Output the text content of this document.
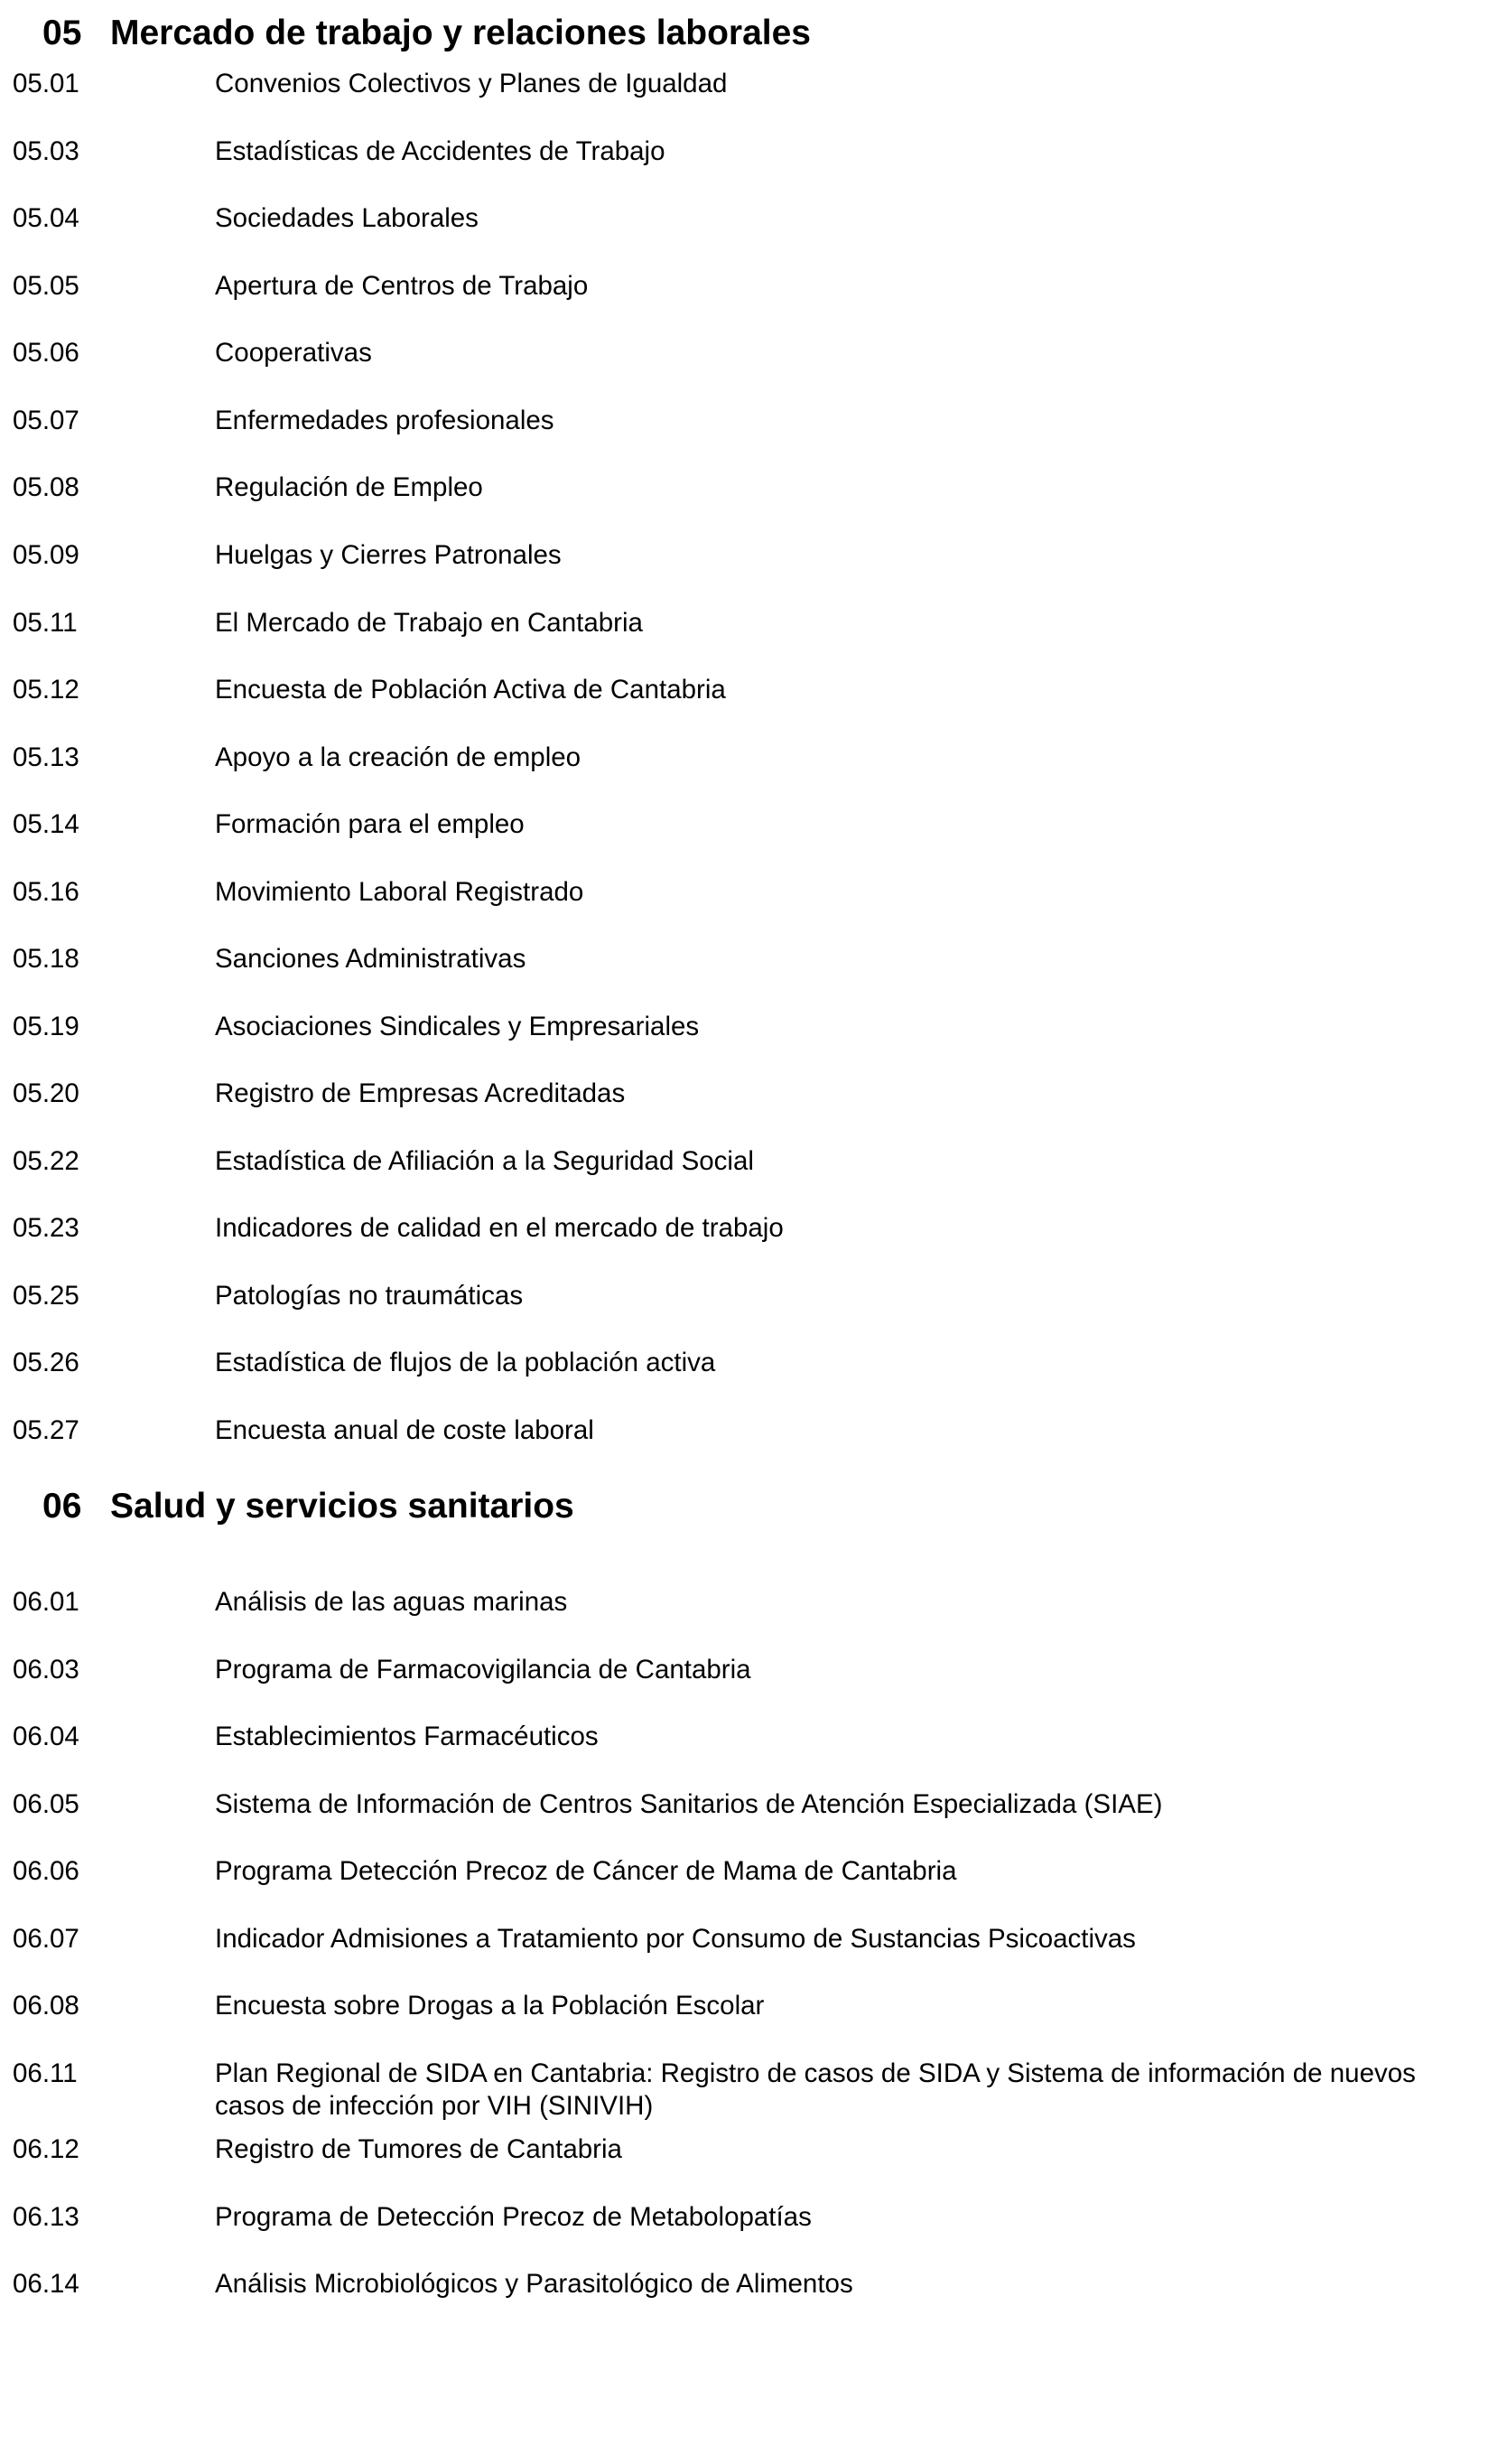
05 Mercado de trabajo y relaciones laborales
05.01	Convenios Colectivos y Planes de Igualdad
05.03	Estadísticas de Accidentes de Trabajo
05.04	Sociedades Laborales
05.05	Apertura de Centros de Trabajo
05.06	Cooperativas
05.07	Enfermedades profesionales
05.08	Regulación de Empleo
05.09	Huelgas y Cierres Patronales
05.11	El Mercado de Trabajo en Cantabria
05.12	Encuesta de Población Activa de Cantabria
05.13	Apoyo a la creación de empleo
05.14	Formación para el empleo
05.16	Movimiento Laboral Registrado
05.18	Sanciones Administrativas
05.19	Asociaciones Sindicales y Empresariales
05.20	Registro de Empresas Acreditadas
05.22	Estadística de Afiliación a la Seguridad Social
05.23	Indicadores de calidad en el mercado de trabajo
05.25	Patologías no traumáticas
05.26	Estadística de flujos de la población activa
05.27	Encuesta anual de coste laboral
06 Salud y servicios sanitarios
06.01	Análisis de las aguas marinas
06.03	Programa de Farmacovigilancia de Cantabria
06.04	Establecimientos Farmacéuticos
06.05	Sistema de Información de Centros Sanitarios de Atención Especializada (SIAE)
06.06	Programa Detección Precoz de Cáncer de Mama de Cantabria
06.07	Indicador Admisiones a Tratamiento por Consumo de Sustancias Psicoactivas
06.08	Encuesta sobre Drogas a la Población Escolar
06.11	Plan Regional de SIDA en Cantabria: Registro de casos de SIDA y Sistema de información de nuevos casos de infección por VIH (SINIVIH)
06.12	Registro de Tumores de Cantabria
06.13	Programa de Detección Precoz de Metabolopatías
06.14	Análisis Microbiológicos y Parasitológico de Alimentos
